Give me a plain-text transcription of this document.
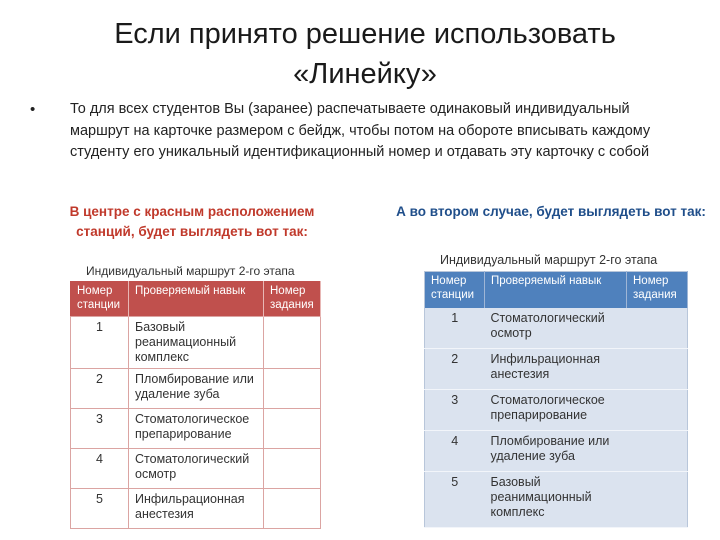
Если принято решение использовать
«Линейку»
• То для всех студентов Вы (заранее) распечатываете одинаковый индивидуальный маршрут на карточке размером с бейдж, чтобы потом на обороте вписывать каждому студенту его уникальный идентификационный номер и отдавать эту карточку с собой
В центре с красным расположением станций, будет выглядеть вот так:
А во втором случае, будет выглядеть вот так:
Индивидуальный маршрут 2-го этапа
Номер станции	Проверяемый навык	Номер задания
1	Базовый реанимационный комплекс	
2	Пломбирование или удаление зуба	
3	Стоматологическое препарирование	
4	Стоматологический осмотр	
5	Инфильрационная анестезия	
Индивидуальный маршрут 2-го этапа
Номер станции	Проверяемый навык	Номер задания
1	Стоматологический осмотр	
2	Инфильрационная анестезия	
3	Стоматологическое препарирование	
4	Пломбирование или удаление зуба	
5	Базовый реанимационный комплекс	
